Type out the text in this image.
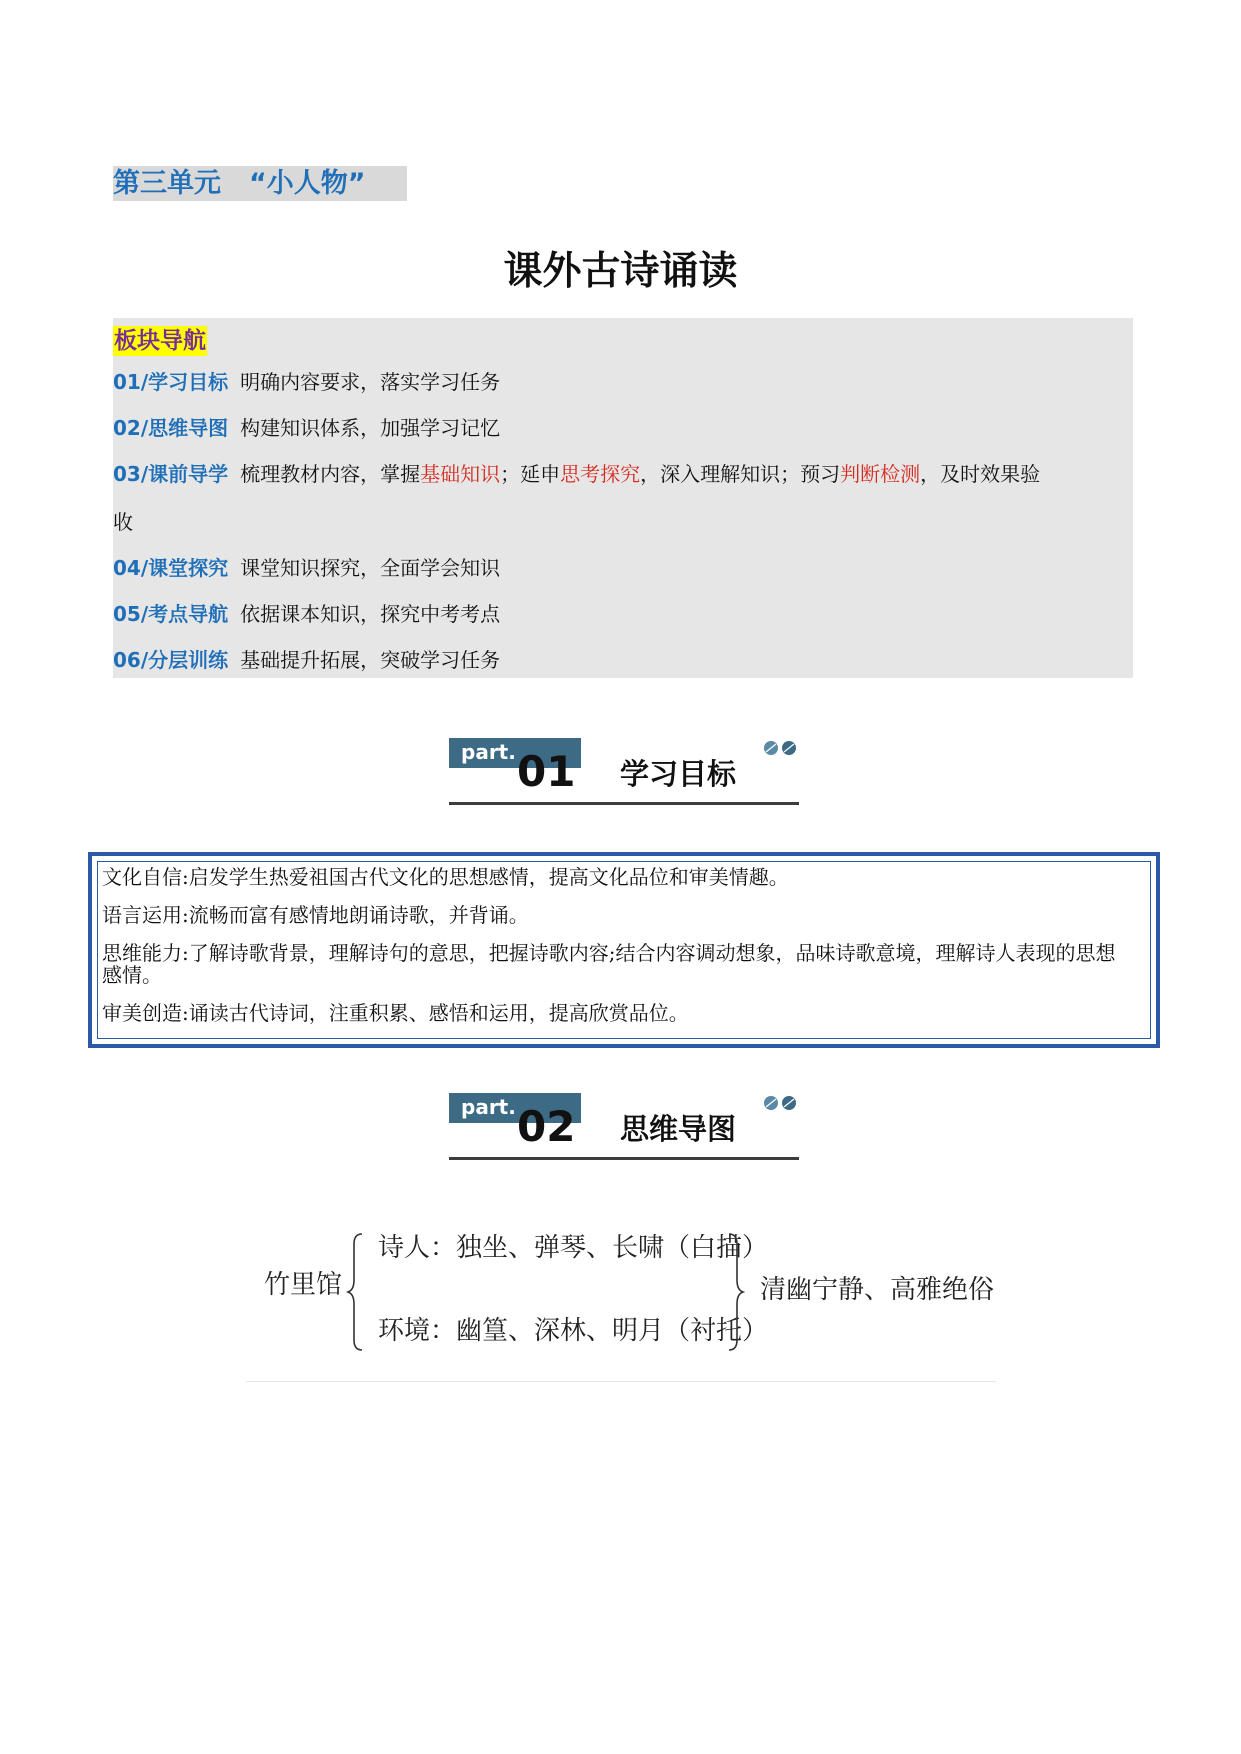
第三单元 “小人物”
课外古诗诵读
板块导航
01/学习目标 明确内容要求，落实学习任务
02/思维导图 构建知识体系，加强学习记忆
03/课前导学 梳理教材内容，掌握基础知识；延申思考探究，深入理解知识；预习判断检测，及时效果验
收
04/课堂探究 课堂知识探究，全面学会知识
05/考点导航 依据课本知识，探究中考考点
06/分层训练 基础提升拓展，突破学习任务
part. 01 学习目标
文化自信:启发学生热爱祖国古代文化的思想感情，提高文化品位和审美情趣。
语言运用:流畅而富有感情地朗诵诗歌，并背诵。
思维能力:了解诗歌背景，理解诗句的意思，把握诗歌内容;结合内容调动想象，品味诗歌意境，理解诗人表现的思想感情。
审美创造:诵读古代诗词，注重积累、感悟和运用，提高欣赏品位。
part. 02 思维导图
竹里馆
诗人：独坐、弹琴、长啸（白描）
环境：幽篁、深林、明月（衬托）
清幽宁静、高雅绝俗
